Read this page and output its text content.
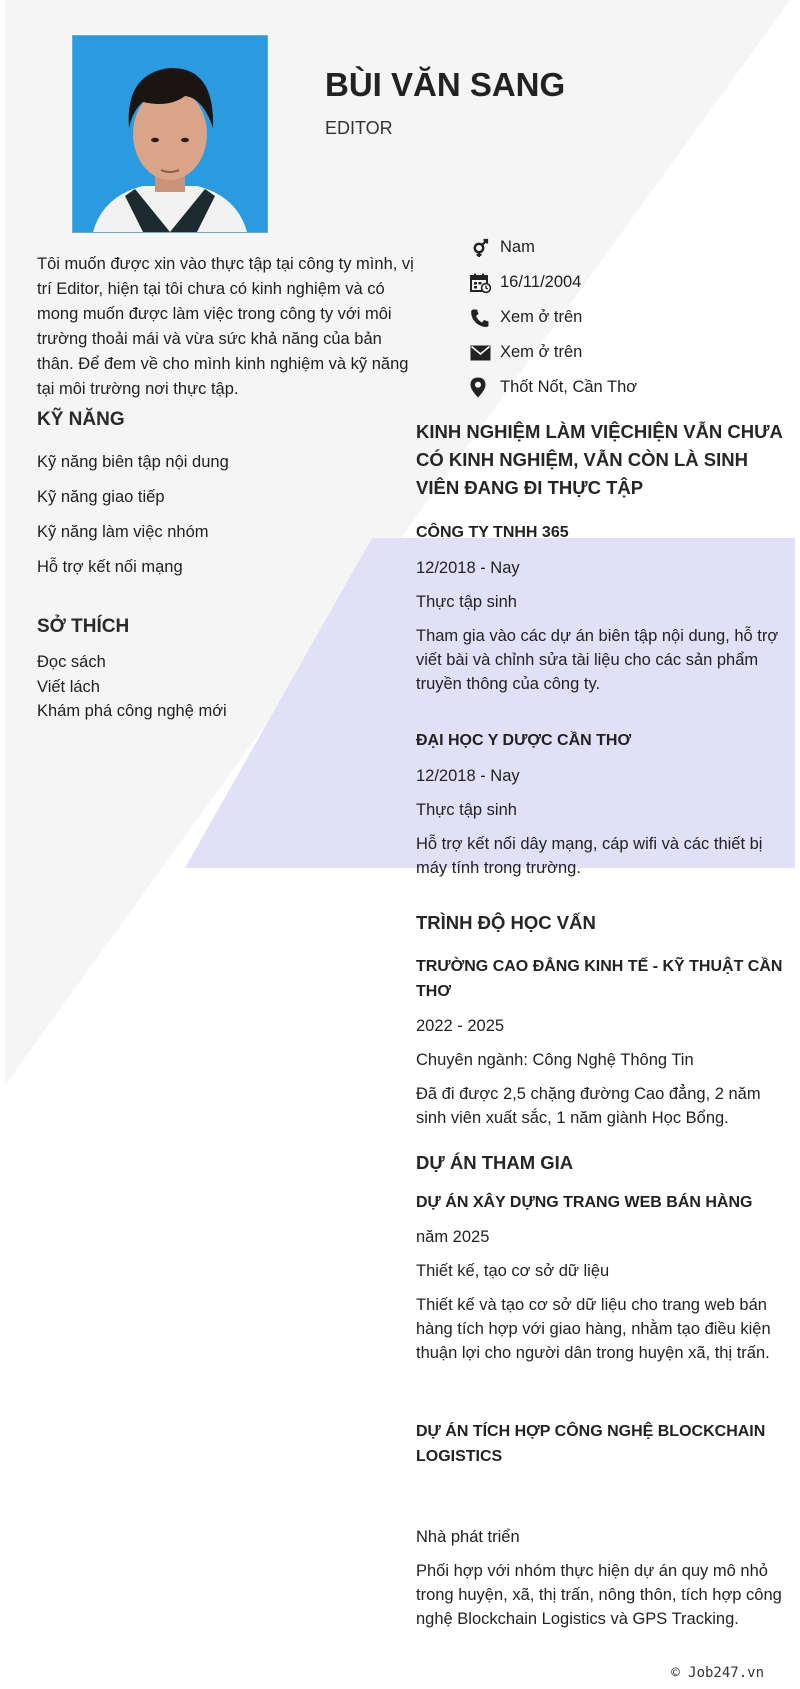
BÙI VĂN SANG
EDITOR

Tôi muốn được xin vào thực tập tại công ty mình, vị trí Editor, hiện tại tôi chưa có kinh nghiệm và có mong muốn được làm việc trong công ty với môi trường thoải mái và vừa sức khả năng của bản thân. Để đem về cho mình kinh nghiệm và kỹ năng tại môi trường nơi thực tập.

Nam
16/11/2004
Xem ở trên
Xem ở trên
Thốt Nốt, Cần Thơ
KỸ NĂNG
Kỹ năng biên tập nội dung
Kỹ năng giao tiếp
Kỹ năng làm việc nhóm
Hỗ trợ kết nối mạng
SỞ THÍCH
Đọc sách
Viết lách
Khám phá công nghệ mới
KINH NGHIỆM LÀM VIỆCHIỆN VẪN CHƯA CÓ KINH NGHIỆM, VẪN CÒN LÀ SINH VIÊN ĐANG ĐI THỰC TẬP

CÔNG TY TNHH 365

12/2018 - Nay

Thực tập sinh

Tham gia vào các dự án biên tập nội dung, hỗ trợ viết bài và chỉnh sửa tài liệu cho các sản phẩm truyền thông của công ty.

ĐẠI HỌC Y DƯỢC CẦN THƠ

12/2018 - Nay

Thực tập sinh

Hỗ trợ kết nối dây mạng, cáp wifi và các thiết bị máy tính trong trường.

TRÌNH ĐỘ HỌC VẤN

TRƯỜNG CAO ĐẲNG KINH TẾ - KỸ THUẬT CẦN THƠ

2022 - 2025

Chuyên ngành: Công Nghệ Thông Tin

Đã đi được 2,5 chặng đường Cao đẳng, 2 năm sinh viên xuất sắc, 1 năm giành Học Bổng.

DỰ ÁN THAM GIA

DỰ ÁN XÂY DỰNG TRANG WEB BÁN HÀNG

năm 2025

Thiết kế, tạo cơ sở dữ liệu

Thiết kế và tạo cơ sở dữ liệu cho trang web bán hàng tích hợp với giao hàng, nhằm tạo điều kiện thuận lợi cho người dân trong huyện xã, thị trấn.

DỰ ÁN TÍCH HỢP CÔNG NGHỆ BLOCKCHAIN LOGISTICS

Nhà phát triển

Phối hợp với nhóm thực hiện dự án quy mô nhỏ trong huyện, xã, thị trấn, nông thôn, tích hợp công nghệ Blockchain Logistics và GPS Tracking.

© Job247.vn
